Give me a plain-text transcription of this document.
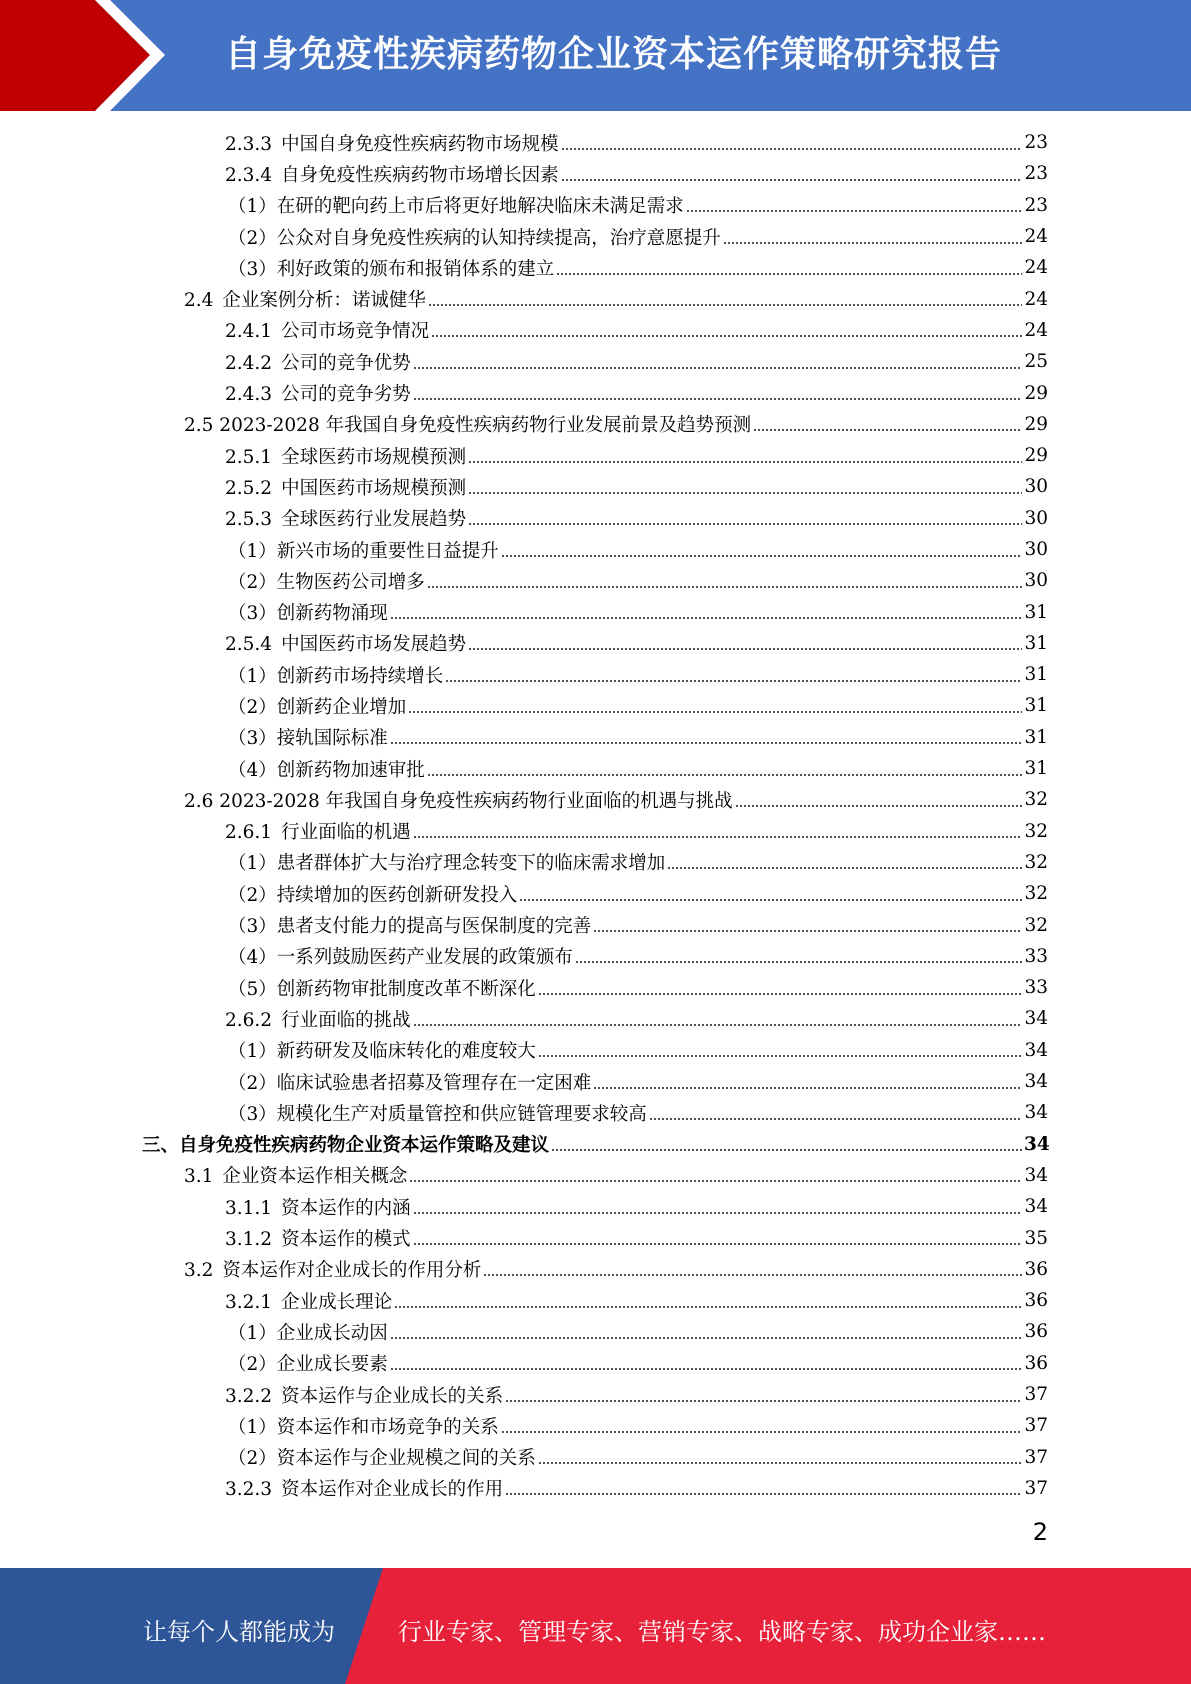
自身免疫性疾病药物企业资本运作策略研究报告
2.3.3 中国自身免疫性疾病药物市场规模	23
2.3.4 自身免疫性疾病药物市场增长因素	23
（1）在研的靶向药上市后将更好地解决临床未满足需求	23
（2）公众对自身免疫性疾病的认知持续提高，治疗意愿提升	24
（3）利好政策的颁布和报销体系的建立	24
2.4 企业案例分析：诺诚健华	24
2.4.1 公司市场竞争情况	24
2.4.2 公司的竞争优势	25
2.4.3 公司的竞争劣势	29
2.5 2023-2028 年我国自身免疫性疾病药物行业发展前景及趋势预测	29
2.5.1 全球医药市场规模预测	29
2.5.2 中国医药市场规模预测	30
2.5.3 全球医药行业发展趋势	30
（1）新兴市场的重要性日益提升	30
（2）生物医药公司增多	30
（3）创新药物涌现	31
2.5.4 中国医药市场发展趋势	31
（1）创新药市场持续增长	31
（2）创新药企业增加	31
（3）接轨国际标准	31
（4）创新药物加速审批	31
2.6 2023-2028 年我国自身免疫性疾病药物行业面临的机遇与挑战	32
2.6.1 行业面临的机遇	32
（1）患者群体扩大与治疗理念转变下的临床需求增加	32
（2）持续增加的医药创新研发投入	32
（3）患者支付能力的提高与医保制度的完善	32
（4）一系列鼓励医药产业发展的政策颁布	33
（5）创新药物审批制度改革不断深化	33
2.6.2 行业面临的挑战	34
（1）新药研发及临床转化的难度较大	34
（2）临床试验患者招募及管理存在一定困难	34
（3）规模化生产对质量管控和供应链管理要求较高	34
三、自身免疫性疾病药物企业资本运作策略及建议	34
3.1 企业资本运作相关概念	34
3.1.1 资本运作的内涵	34
3.1.2 资本运作的模式	35
3.2 资本运作对企业成长的作用分析	36
3.2.1 企业成长理论	36
（1）企业成长动因	36
（2）企业成长要素	36
3.2.2 资本运作与企业成长的关系	37
（1）资本运作和市场竞争的关系	37
（2）资本运作与企业规模之间的关系	37
3.2.3 资本运作对企业成长的作用	37
2
让每个人都能成为	行业专家、管理专家、营销专家、战略专家、成功企业家……
